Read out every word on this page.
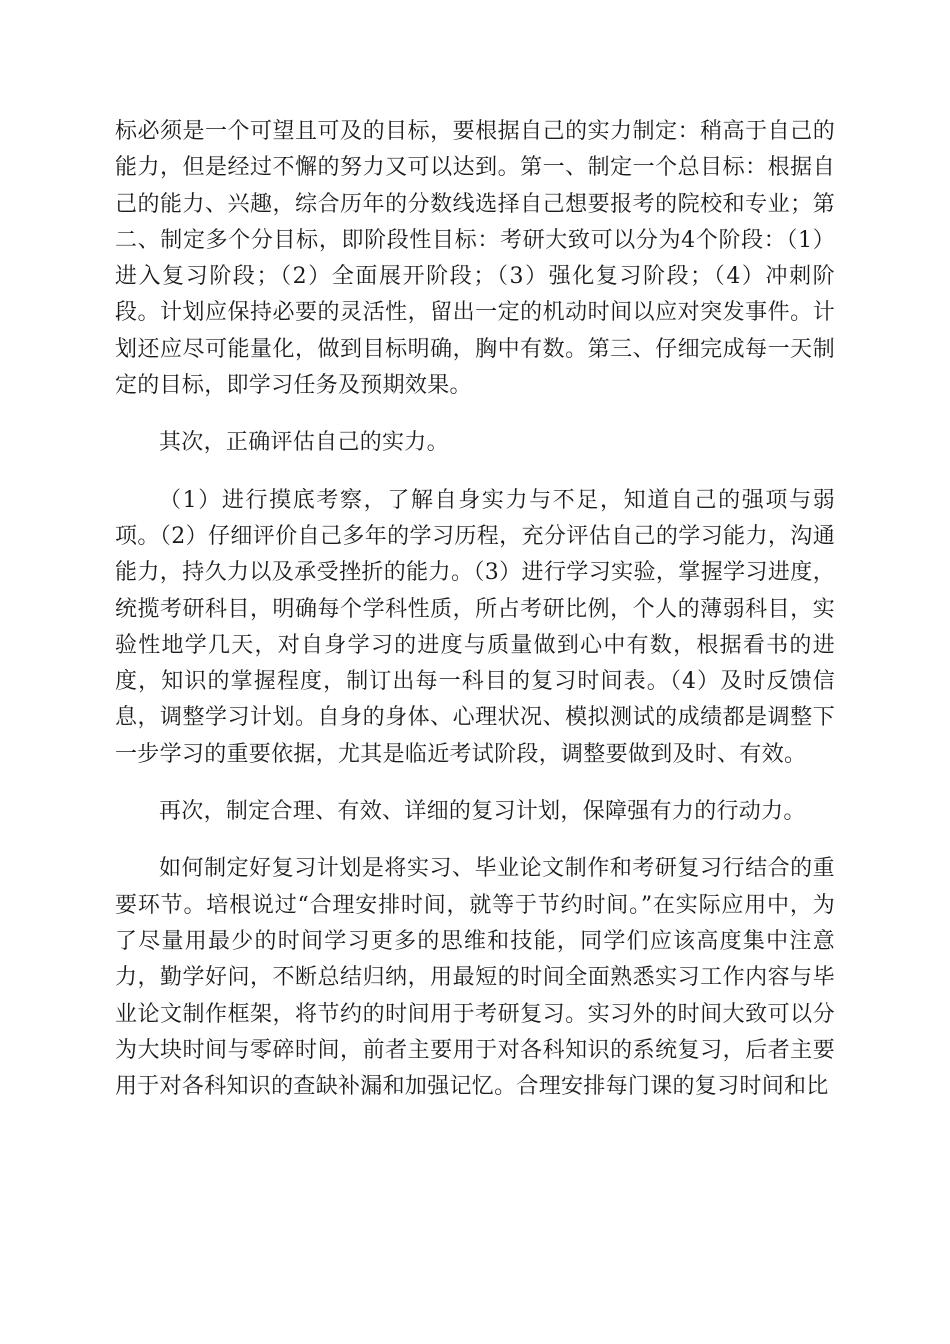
标必须是一个可望且可及的目标，要根据自己的实力制定：稍高于自己的能力，但是经过不懈的努力又可以达到。第一、制定一个总目标：根据自己的能力、兴趣，综合历年的分数线选择自己想要报考的院校和专业；第二、制定多个分目标，即阶段性目标：考研大致可以分为4个阶段：（1）进入复习阶段；（2）全面展开阶段；（3）强化复习阶段；（4）冲刺阶段。计划应保持必要的灵活性，留出一定的机动时间以应对突发事件。计划还应尽可能量化，做到目标明确，胸中有数。第三、仔细完成每一天制定的目标，即学习任务及预期效果。

其次，正确评估自己的实力。

（1）进行摸底考察，了解自身实力与不足，知道自己的强项与弱项。（2）仔细评价自己多年的学习历程，充分评估自己的学习能力，沟通能力，持久力以及承受挫折的能力。（3）进行学习实验，掌握学习进度，统揽考研科目，明确每个学科性质，所占考研比例，个人的薄弱科目，实验性地学几天，对自身学习的进度与质量做到心中有数，根据看书的进度，知识的掌握程度，制订出每一科目的复习时间表。（4）及时反馈信息，调整学习计划。自身的身体、心理状况、模拟测试的成绩都是调整下一步学习的重要依据，尤其是临近考试阶段，调整要做到及时、有效。

再次，制定合理、有效、详细的复习计划，保障强有力的行动力。

如何制定好复习计划是将实习、毕业论文制作和考研复习行结合的重要环节。培根说过“合理安排时间，就等于节约时间。”在实际应用中，为了尽量用最少的时间学习更多的思维和技能，同学们应该高度集中注意力，勤学好问，不断总结归纳，用最短的时间全面熟悉实习工作内容与毕业论文制作框架，将节约的时间用于考研复习。实习外的时间大致可以分为大块时间与零碎时间，前者主要用于对各科知识的系统复习，后者主要用于对各科知识的查缺补漏和加强记忆。合理安排每门课的复习时间和比
